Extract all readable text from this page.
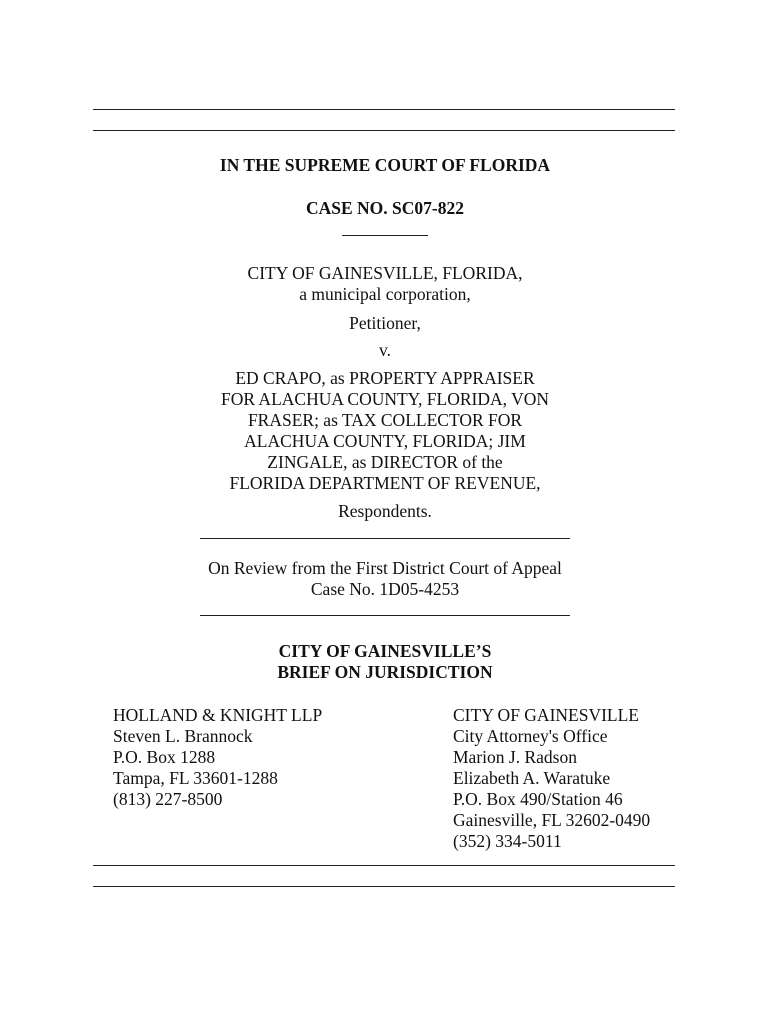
IN THE SUPREME COURT OF FLORIDA
CASE NO. SC07-822
CITY OF GAINESVILLE, FLORIDA,
a municipal corporation,
Petitioner,
v.
ED CRAPO, as PROPERTY APPRAISER
FOR ALACHUA COUNTY, FLORIDA, VON
FRASER; as TAX COLLECTOR FOR
ALACHUA COUNTY, FLORIDA; JIM
ZINGALE, as DIRECTOR of the
FLORIDA DEPARTMENT OF REVENUE,
Respondents.
On Review from the First District Court of Appeal
Case No. 1D05-4253
CITY OF GAINESVILLE’S
BRIEF ON JURISDICTION
HOLLAND & KNIGHT LLP
Steven L. Brannock
P.O. Box 1288
Tampa, FL 33601-1288
(813) 227-8500
CITY OF GAINESVILLE
City Attorney's Office
Marion J. Radson
Elizabeth A. Waratuke
P.O. Box 490/Station 46
Gainesville, FL 32602-0490
(352) 334-5011
